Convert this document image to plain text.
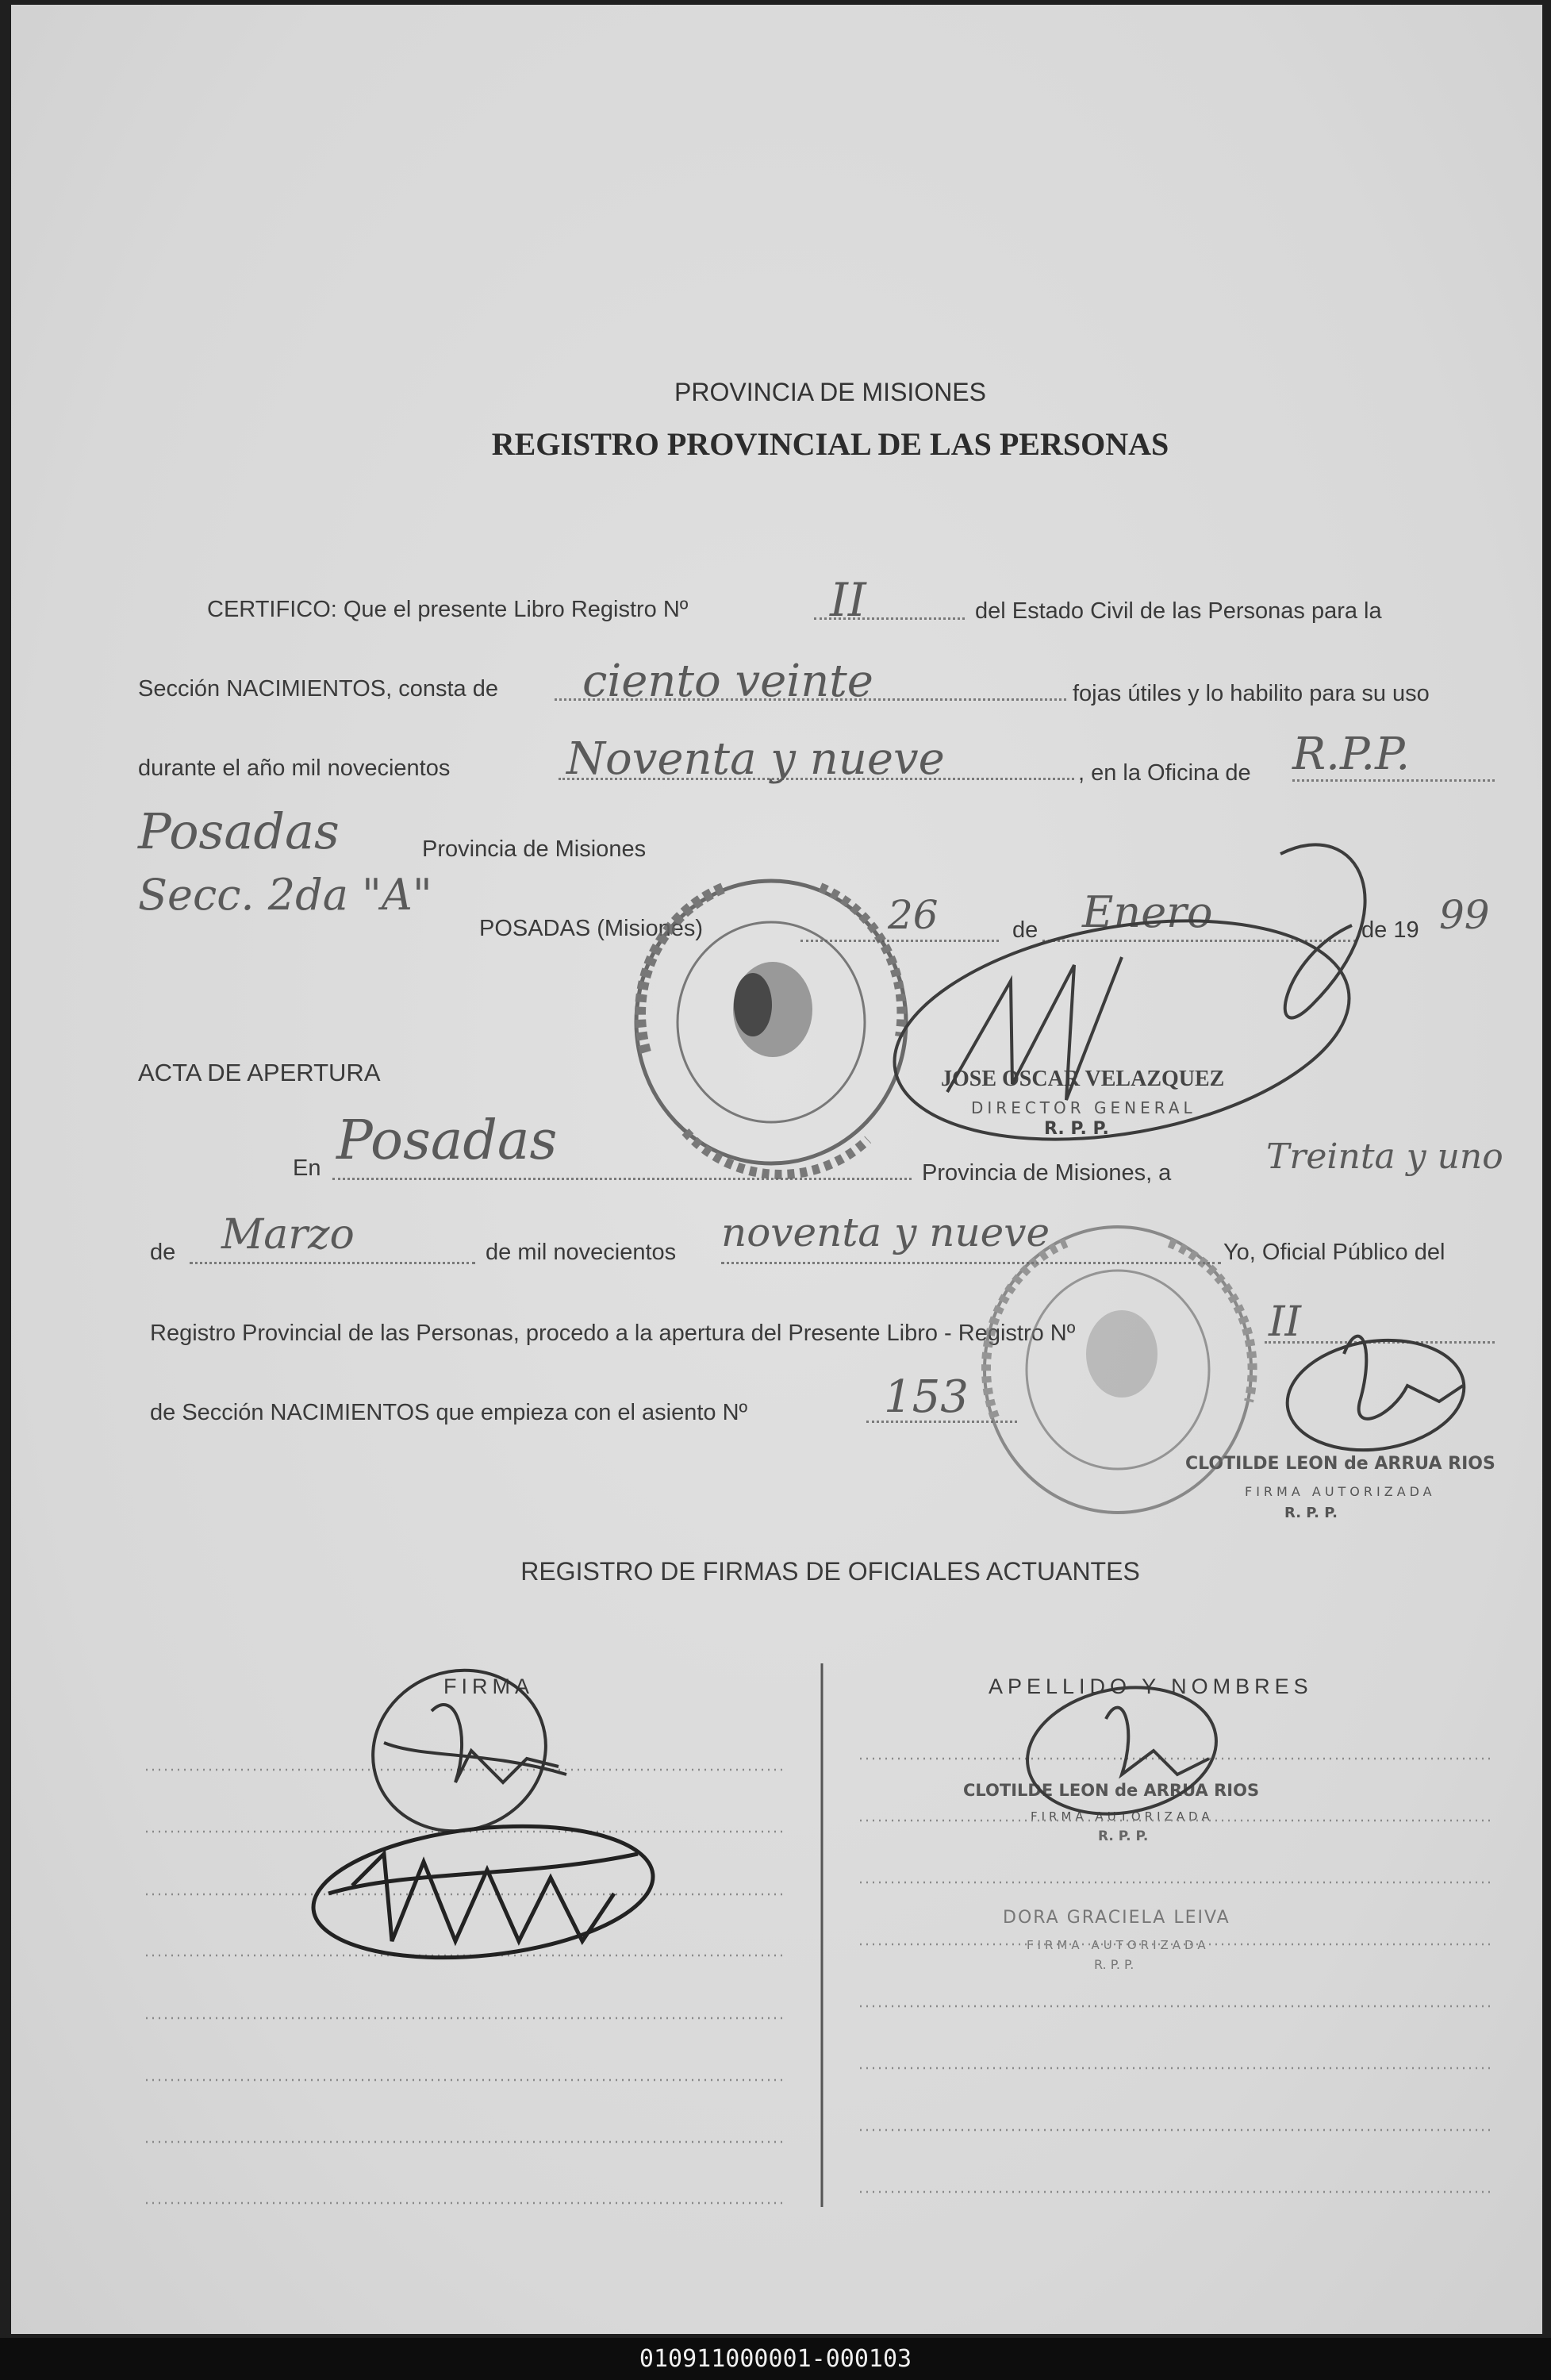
PROVINCIA DE MISIONES
REGISTRO PROVINCIAL DE LAS PERSONAS
CERTIFICO: Que el presente Libro Registro Nº	II	del Estado Civil de las Personas para la
Sección NACIMIENTOS, consta de ciento veinte	fojas útiles y lo habilito para su uso
durante el año mil novecientos	Noventa y nueve	, en la Oficina de R.P.P.
Posadas	Provincia de Misiones
Secc. 2da "A"
POSADAS (Misiones)	26	de Enero	de 19 99
JOSE OSCAR VELAZQUEZ
DIRECTOR GENERAL
R. P. P.
ACTA DE APERTURA
En Posadas
Provincia de Misiones, a	Treinta y uno
de Marzo	de mil novecientos noventa y nueve	Yo, Oficial Público del
Registro Provincial de las Personas, procedo a la apertura del Presente Libro - Registro Nº	II
de Sección NACIMIENTOS que empieza con el asiento Nº	153
CLOTILDE LEON de ARRUA RIOS
FIRMA AUTORIZADA
R. P. P.
REGISTRO DE FIRMAS DE OFICIALES ACTUANTES
FIRMA	APELLIDO Y NOMBRES
CLOTILDE LEON de ARRUA RIOS
FIRMA AUTORIZADA
R. P. P.
DORA GRACIELA LEIVA
FIRMA AUTORIZADA
R. P. P.
010911000001-000103
